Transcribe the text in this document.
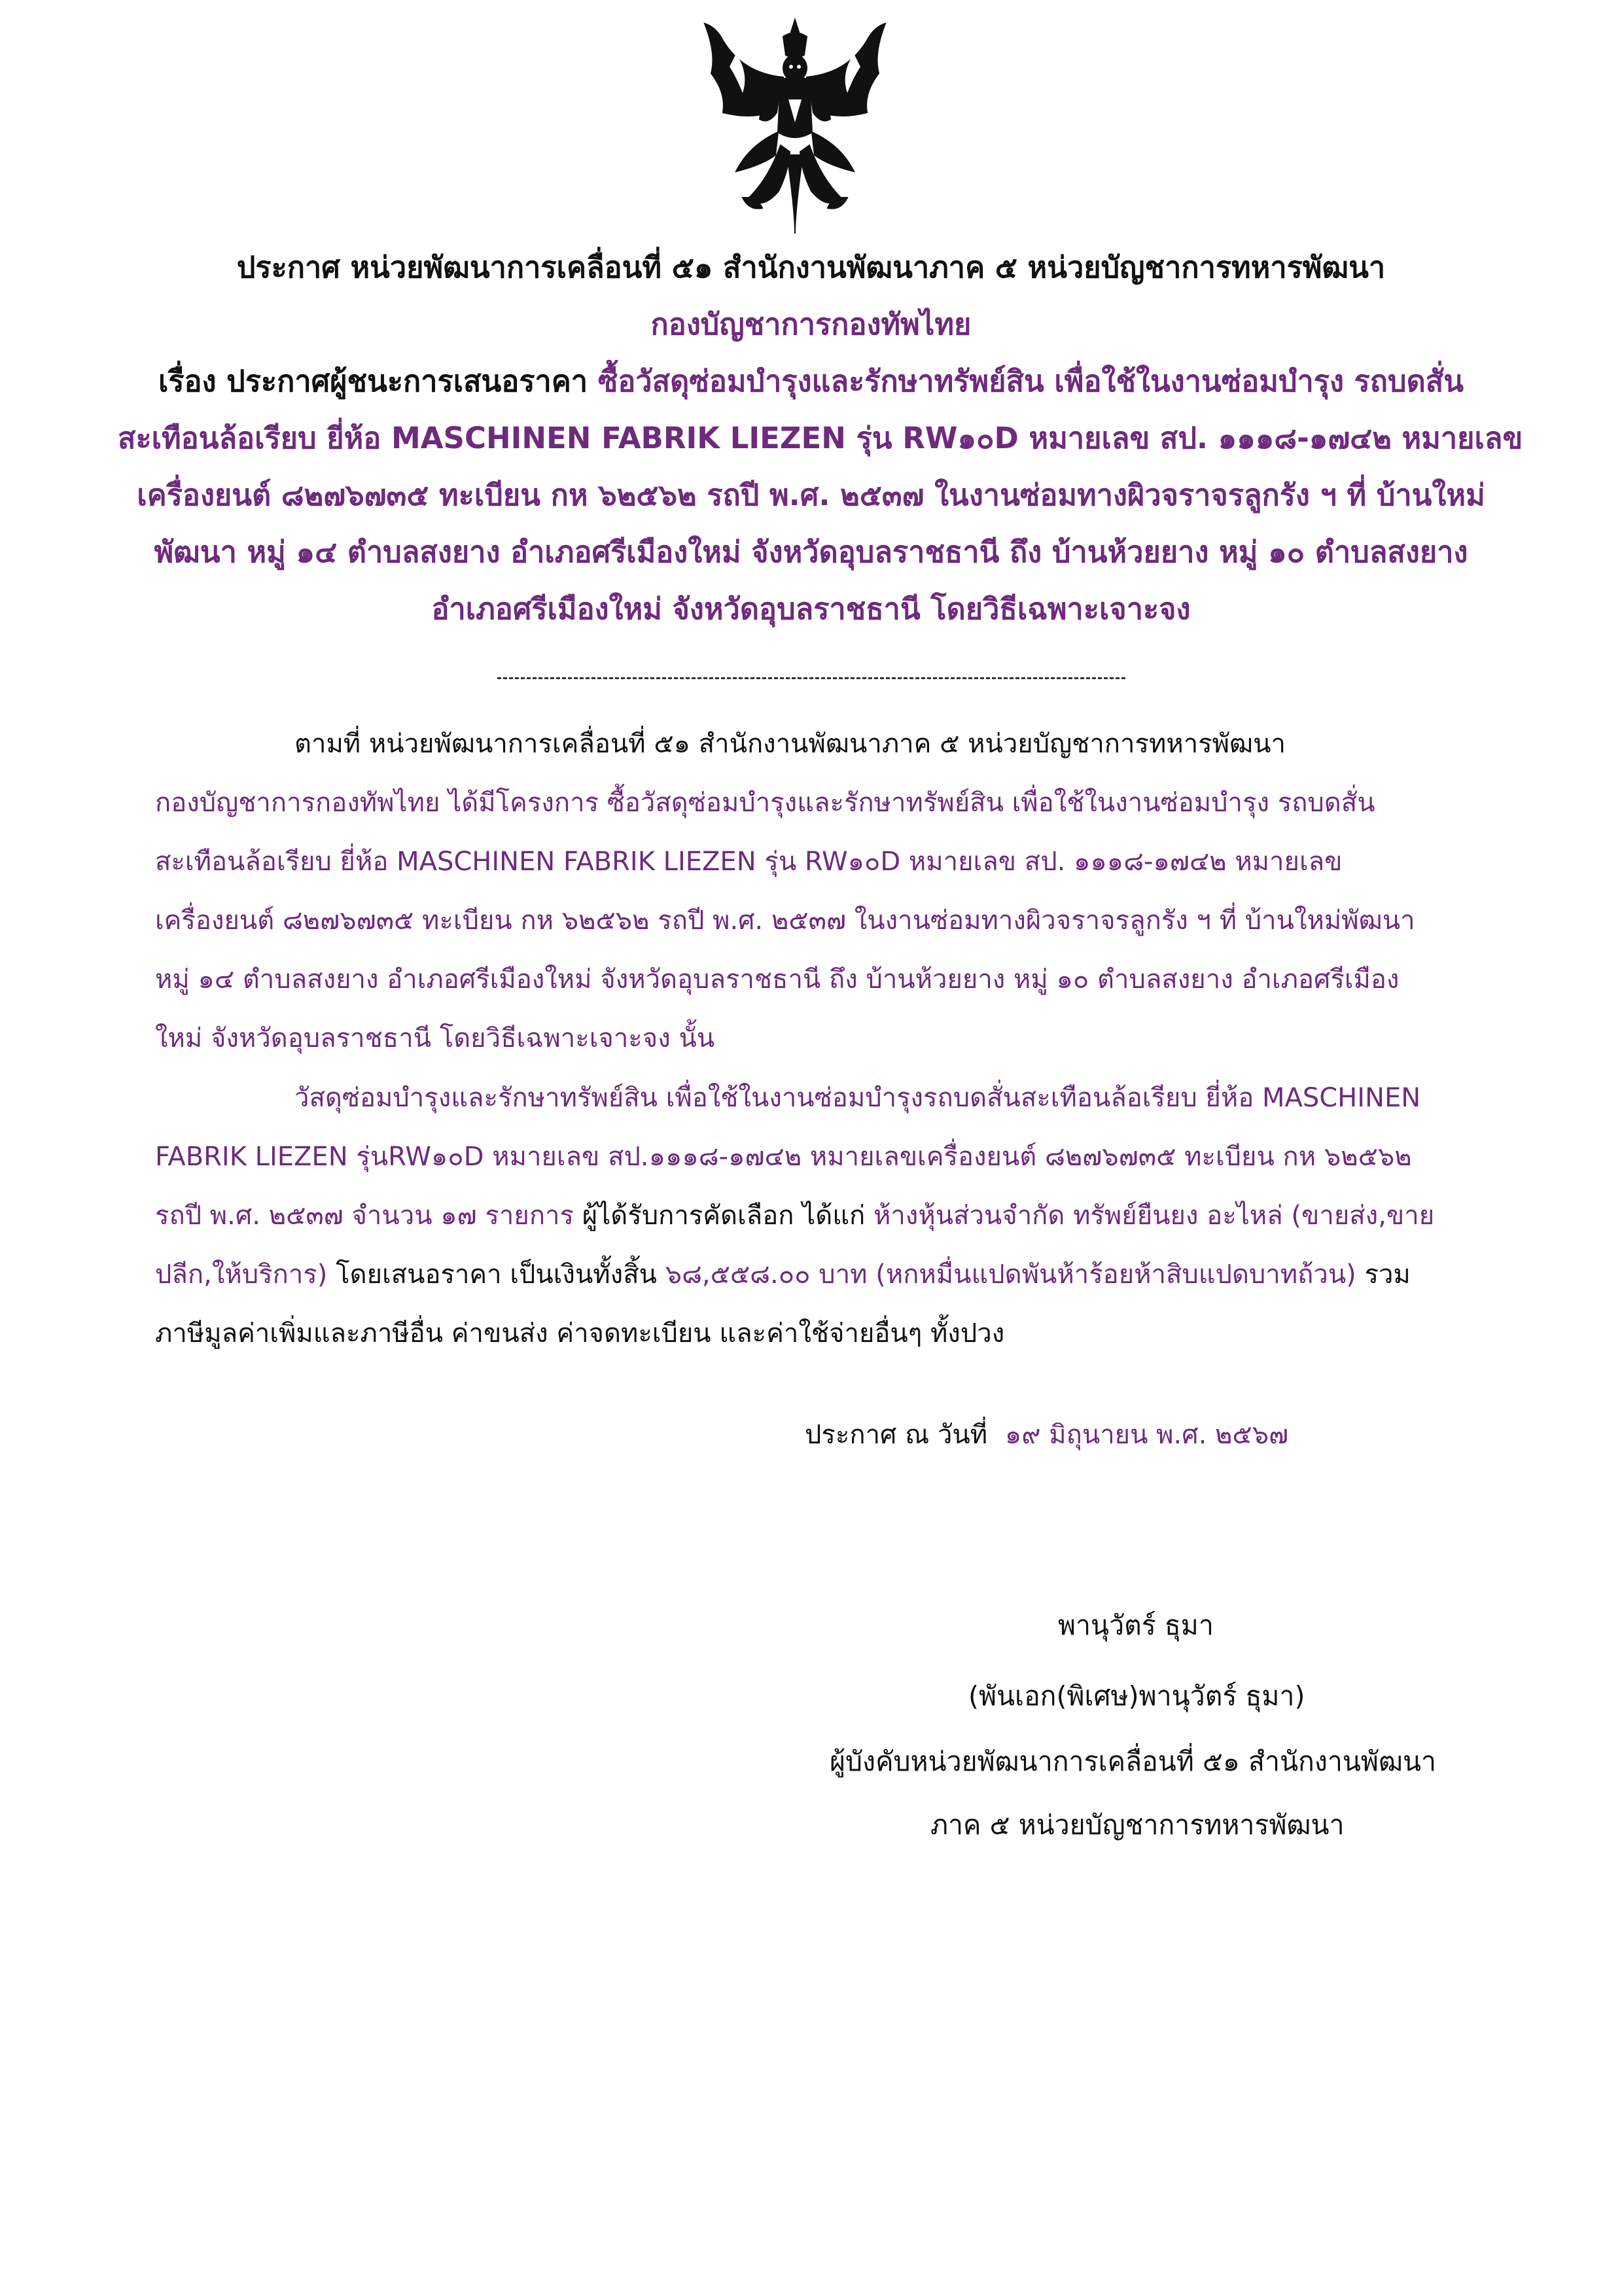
ประกาศ หน่วยพัฒนาการเคลื่อนที่ ๕๑ สำนักงานพัฒนาภาค ๕ หน่วยบัญชาการทหารพัฒนา
กองบัญชาการกองทัพไทย
เรื่อง ประกาศผู้ชนะการเสนอราคา ซื้อวัสดุซ่อมบำรุงและรักษาทรัพย์สิน เพื่อใช้ในงานซ่อมบำรุง รถบดสั่น
สะเทือนล้อเรียบ ยี่ห้อ MASCHINEN FABRIK LIEZEN รุ่น RW๑๐D หมายเลข สป. ๑๑๑๘-๑๗๔๒ หมายเลข
เครื่องยนต์ ๘๒๗๖๗๓๕ ทะเบียน กห ๖๒๕๖๒ รถปี พ.ศ. ๒๕๓๗ ในงานซ่อมทางผิวจราจรลูกรัง ฯ ที่ บ้านใหม่
พัฒนา หมู่ ๑๔ ตำบลสงยาง อำเภอศรีเมืองใหม่ จังหวัดอุบลราชธานี ถึง บ้านห้วยยาง หมู่ ๑๐ ตำบลสงยาง
อำเภอศรีเมืองใหม่ จังหวัดอุบลราชธานี โดยวิธีเฉพาะเจาะจง
ตามที่ หน่วยพัฒนาการเคลื่อนที่ ๕๑ สำนักงานพัฒนาภาค ๕ หน่วยบัญชาการทหารพัฒนา
กองบัญชาการกองทัพไทย ได้มีโครงการ ซื้อวัสดุซ่อมบำรุงและรักษาทรัพย์สิน เพื่อใช้ในงานซ่อมบำรุง รถบดสั่น
สะเทือนล้อเรียบ ยี่ห้อ MASCHINEN FABRIK LIEZEN รุ่น RW๑๐D หมายเลข สป. ๑๑๑๘-๑๗๔๒ หมายเลข
เครื่องยนต์ ๘๒๗๖๗๓๕ ทะเบียน กห ๖๒๕๖๒ รถปี พ.ศ. ๒๕๓๗ ในงานซ่อมทางผิวจราจรลูกรัง ฯ ที่ บ้านใหม่พัฒนา
หมู่ ๑๔ ตำบลสงยาง อำเภอศรีเมืองใหม่ จังหวัดอุบลราชธานี ถึง บ้านห้วยยาง หมู่ ๑๐ ตำบลสงยาง อำเภอศรีเมือง
ใหม่ จังหวัดอุบลราชธานี โดยวิธีเฉพาะเจาะจง นั้น
วัสดุซ่อมบำรุงและรักษาทรัพย์สิน เพื่อใช้ในงานซ่อมบำรุงรถบดสั่นสะเทือนล้อเรียบ ยี่ห้อ MASCHINEN
FABRIK LIEZEN รุ่นRW๑๐D หมายเลข สป.๑๑๑๘-๑๗๔๒ หมายเลขเครื่องยนต์ ๘๒๗๖๗๓๕ ทะเบียน กห ๖๒๕๖๒
รถปี พ.ศ. ๒๕๓๗ จำนวน ๑๗ รายการ ผู้ได้รับการคัดเลือก ได้แก่ ห้างหุ้นส่วนจำกัด ทรัพย์ยืนยง อะไหล่ (ขายส่ง,ขาย
ปลีก,ให้บริการ) โดยเสนอราคา เป็นเงินทั้งสิ้น ๖๘,๕๕๘.๐๐ บาท (หกหมื่นแปดพันห้าร้อยห้าสิบแปดบาทถ้วน) รวม
ภาษีมูลค่าเพิ่มและภาษีอื่น ค่าขนส่ง ค่าจดทะเบียน และค่าใช้จ่ายอื่นๆ ทั้งปวง
ประกาศ ณ วันที่ ๑๙ มิถุนายน พ.ศ. ๒๕๖๗
พานุวัตร์ ธุมา
(พันเอก(พิเศษ)พานุวัตร์ ธุมา)
ผู้บังคับหน่วยพัฒนาการเคลื่อนที่ ๕๑ สำนักงานพัฒนา
ภาค ๕ หน่วยบัญชาการทหารพัฒนา
